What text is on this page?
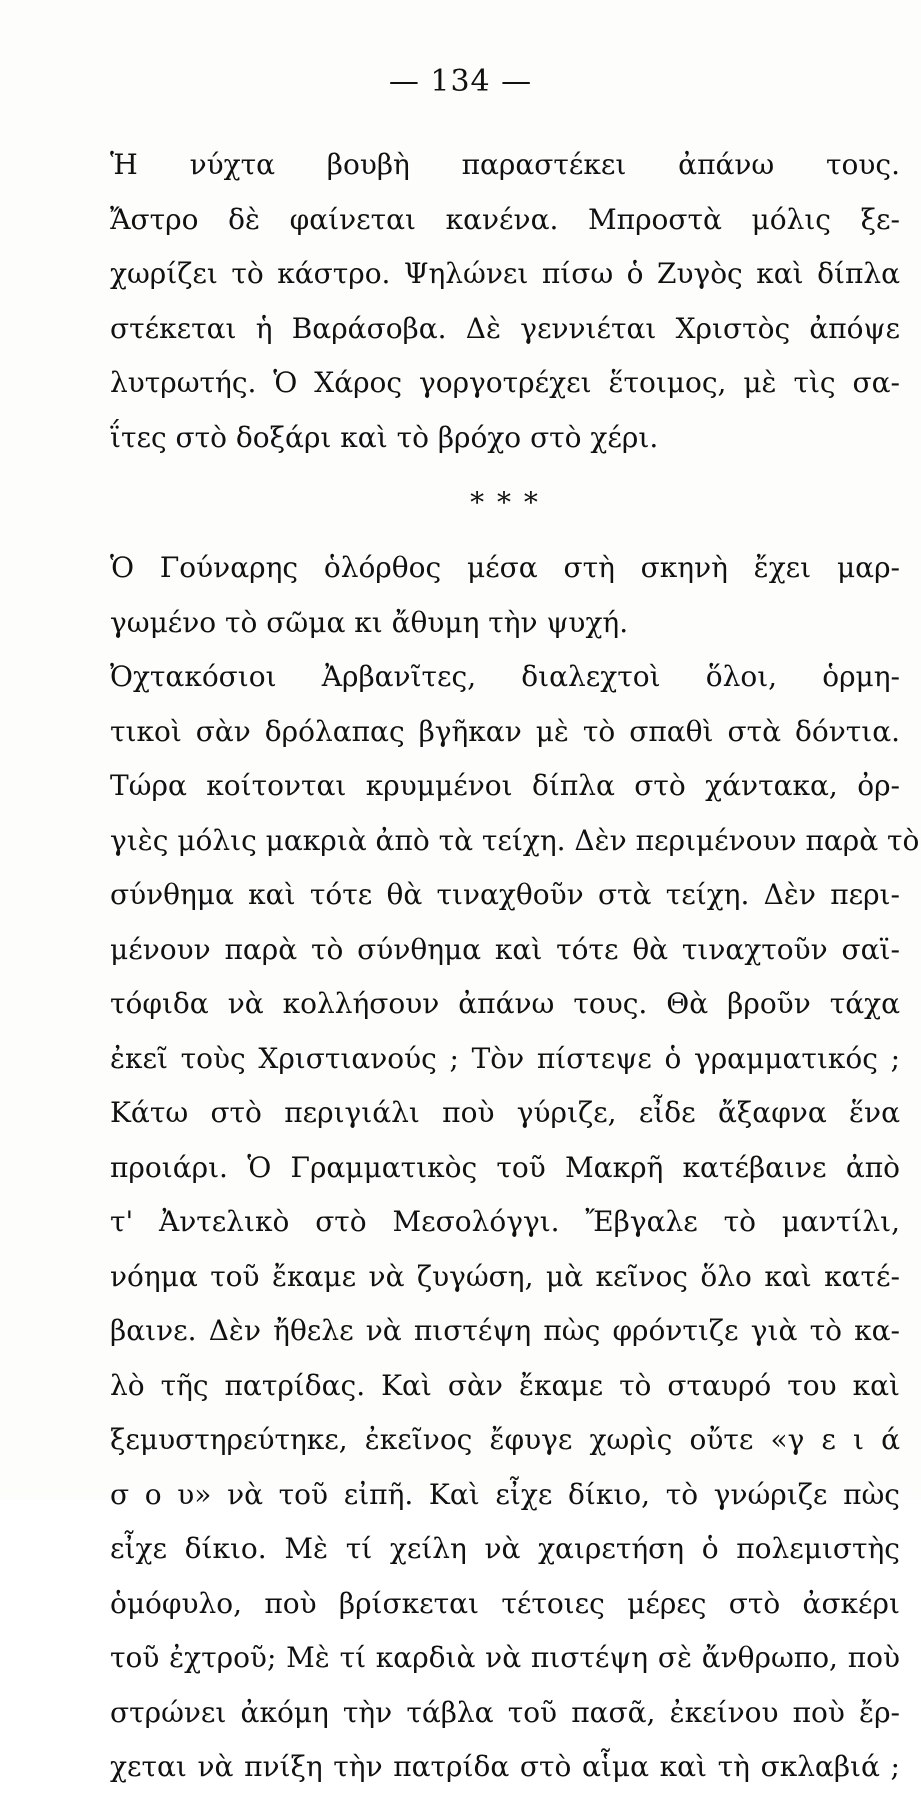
— 134 —
Ἡ νύχτα βουβὴ παραστέκει ἀπάνω τους.
Ἄστρο δὲ φαίνεται κανένα. Μπροστὰ μόλις ξε-
χωρίζει τὸ κάστρο. Ψηλώνει πίσω ὁ Ζυγὸς καὶ δίπλα
στέκεται ἡ Βαράσοβα. Δὲ γεννιέται Χριστὸς ἀπόψε
λυτρωτής. Ὁ Χάρος γοργοτρέχει ἕτοιμος, μὲ τὶς σα-
ΐτες στὸ δοξάρι καὶ τὸ βρόχο στὸ χέρι.
* * *
Ὁ Γούναρης ὁλόρθος μέσα στὴ σκηνὴ ἔχει μαρ-
γωμένο τὸ σῶμα κι ἄθυμη τὴν ψυχή.
Ὀχτακόσιοι Ἀρβανῖτες, διαλεχτοὶ ὅλοι, ὁρμη-
τικοὶ σὰν δρόλαπας βγῆκαν μὲ τὸ σπαθὶ στὰ δόντια.
Τώρα κοίτονται κρυμμένοι δίπλα στὸ χάντακα, ὀρ-
γιὲς μόλις μακριὰ ἀπὸ τὰ τείχη. Δὲν περιμένουν παρὰ τὸ
σύνθημα καὶ τότε θὰ τιναχθοῦν στὰ τείχη. Δὲν περι-
μένουν παρὰ τὸ σύνθημα καὶ τότε θὰ τιναχτοῦν σαϊ-
τόφιδα νὰ κολλήσουν ἀπάνω τους. Θὰ βροῦν τάχα
ἐκεῖ τοὺς Χριστιανούς ; Τὸν πίστεψε ὁ γραμματικός ;
Κάτω στὸ περιγιάλι ποὺ γύριζε, εἶδε ἄξαφνα ἕνα
προιάρι. Ὁ Γραμματικὸς τοῦ Μακρῆ κατέβαινε ἀπὸ
τ' Ἀντελικὸ στὸ Μεσολόγγι. Ἔβγαλε τὸ μαντίλι,
νόημα τοῦ ἔκαμε νὰ ζυγώση, μὰ κεῖνος ὅλο καὶ κατέ-
βαινε. Δὲν ἤθελε νὰ πιστέψη πὼς φρόντιζε γιὰ τὸ κα-
λὸ τῆς πατρίδας. Καὶ σὰν ἔκαμε τὸ σταυρό του καὶ
ξεμυστηρεύτηκε, ἐκεῖνος ἔφυγε χωρὶς οὔτε «γ ε ι ά
σ ο υ» νὰ τοῦ εἰπῆ. Καὶ εἶχε δίκιο, τὸ γνώριζε πὼς
εἶχε δίκιο. Μὲ τί χείλη νὰ χαιρετήση ὁ πολεμιστὴς
ὁμόφυλο, ποὺ βρίσκεται τέτοιες μέρες στὸ ἀσκέρι
τοῦ ἐχτροῦ; Μὲ τί καρδιὰ νὰ πιστέψη σὲ ἄνθρωπο, ποὺ
στρώνει ἀκόμη τὴν τάβλα τοῦ πασᾶ, ἐκείνου ποὺ ἔρ-
χεται νὰ πνίξη τὴν πατρίδα στὸ αἷμα καὶ τὴ σκλαβιά ;
